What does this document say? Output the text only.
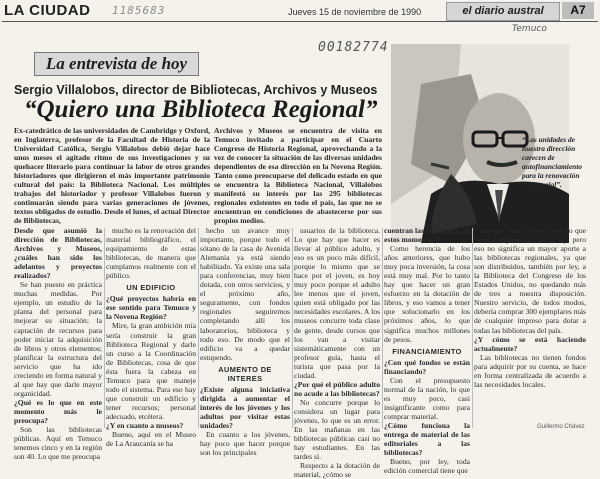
LA CIUDAD 1185683	Jueves 15 de noviembre de 1990	el diario austral	A7
Temuco
00182774
La entrevista de hoy
Sergio Villalobos, director de Bibliotecas, Archivos y Museos
“Quiero una Biblioteca Regional”
Ex-catedrático de las universidades de Cambridge y Oxford, en Inglaterra, profesor de la Facultad de Historia de la Universidad Católica, Sergio Villalobos debió dejar hace unos meses el agitado ritmo de sus investigaciones y su quehacer literario para continuar la labor de otros grandes historiadores que dirigieron el más importante patrimonio cultural del país: la Biblioteca Nacional. Los múltiples trabajos del historiador y profesor Villalobos fueron y continuarán siendo para varias generaciones de jóvenes, textos obligados de estudio. Desde el lunes, el actual Director de Bibliotecas,
Archivos y Museos se encuentra de visita en Temuco invitado a participar en el Cuarto Congreso de Historia Regional, aprovechando a la vez de conocer la situación de las diversas unidades dependientes de esa dirección en la Novena Región. Tanto como preocuparse del delicado estado en que se encuentra la Biblioteca Nacional, Villalobos manifestó su interés por las 295 bibliotecas regionales existentes en todo el país, las que no se encuentran en condiciones de abastecerse por sus propios medios.
“Las unidades de nuestra dirección carecen de autofinanciamiento para la renovación de material”.
Desde que asumió la dirección de Bibliotecas, Archivos y Museos, ¿cuáles han sido los adelantos y proyectos realizados?
Se han puesto en práctica muchas medidas. Por ejemplo, un estudio de la planta del personal para mejorar su situación; la captación de recursos para poder iniciar la adquisición de libros y otros elementos; planificar la estructura del servicio que ha ido creciendo en forma natural y al que hay que darle mayor organicidad.
¿Qué es lo que en este momento más le preocupa?
Son las bibliotecas públicas. Aquí en Temuco tenemos cinco y en la región son 40. Lo que me preocupa
mucho es la renovación del material bibliográfico, el equipamiento de estas bibliotecas, de manera que cumplamos realmente con el público.
UN EDIFICIO
¿Qué proyectos habría en ese sentido para Temuco y la Novena Región?
Mire, la gran ambición mía sería construir la gran Biblioteca Regional y darle un curso a la Coordinación de Bibliotecas, cosa de que ésta fuera la cabeza en Temuco para que maneje todo el sistema. Para eso hay que construir un edificio y tener recursos; personal adecuado, etcétera.
¿Y en cuanto a museos?
Bueno, aquí en el Museo de La Araucanía se ha
hecho un avance muy importante, porque todo el sótano de la casa de Avenida Alemania ya está siendo habilitado. Ya existe una sala para conferencias, muy bien dotada, con otros servicios, y el próximo año, seguramente, con fondos regionales seguiremos completando allí los laboratorios, biblioteca y todo eso. De modo que el edificio va a quedar estupendo.
AUMENTO DE INTERES
¿Existe alguna iniciativa dirigida a aumentar el interés de los jóvenes y los adultos por visitar estas unidades?
En cuanto a los jóvenes, hay poco que hacer porque son los principales
usuarios de la biblioteca. Lo que hay que hacer es llevar al público adulto, y eso es un poco más difícil, porque lo mismo que se hace por el joven, es hoy muy poco porque el adulto lee menos que el joven, quien está obligado por las necesidades escolares. A los museos concurre toda clase de gente, desde cursos que los van a visitar sistemáticamente con un profesor guía, hasta el turista que pasa por la ciudad.
¿Por qué el público adulto no acude a las bibliotecas?
No concurre porque lo considera un lugar para jóvenes, lo que es un error. En las mañanas en las bibliotecas públicas casi no hay estudiantes. En las tardes sí.
Respecto a la dotación de material, ¿cómo se
cuentran las bibliotecas en estos momentos?
Como herencia de los años anteriores, que hubo muy poca inversión, la cosa está muy mal. Por lo tanto hay que hacer un gran esfuerzo en la dotación de libros, y eso vamos a tener que solucionarlo en los próximos años, lo que significa muchos millones de pesos.
FINANCIAMIENTO
¿Con qué fondos se están financiando?
Con el presupuesto normal de la nación, lo que es muy poco, casi insignificante como para comprar material.
¿Cómo funciona la entrega de material de las editoriales a las bibliotecas?
Bueno, por ley, toda edición comercial tiene que
entregar quince ejemplares, lo que es el cumplimiento de la ley, pero eso no significa un mayor aporte a las bibliotecas regionales, ya que son distribuidos, también por ley, a la Biblioteca del Congreso de los Estados Unidos, no quedando más de tres a nuestra disposición. Nuestro servicio, de todos modos, debería comprar 300 ejemplares más de cualquier impreso para dotar a todas las bibliotecas del país.
¿Y cómo se está haciendo actualmente?
Las bibliotecas no tienen fondos para adquirir por su cuenta, se hace en forma centralizada de acuerdo a las necesidades locales.
Guillermo Chávez
